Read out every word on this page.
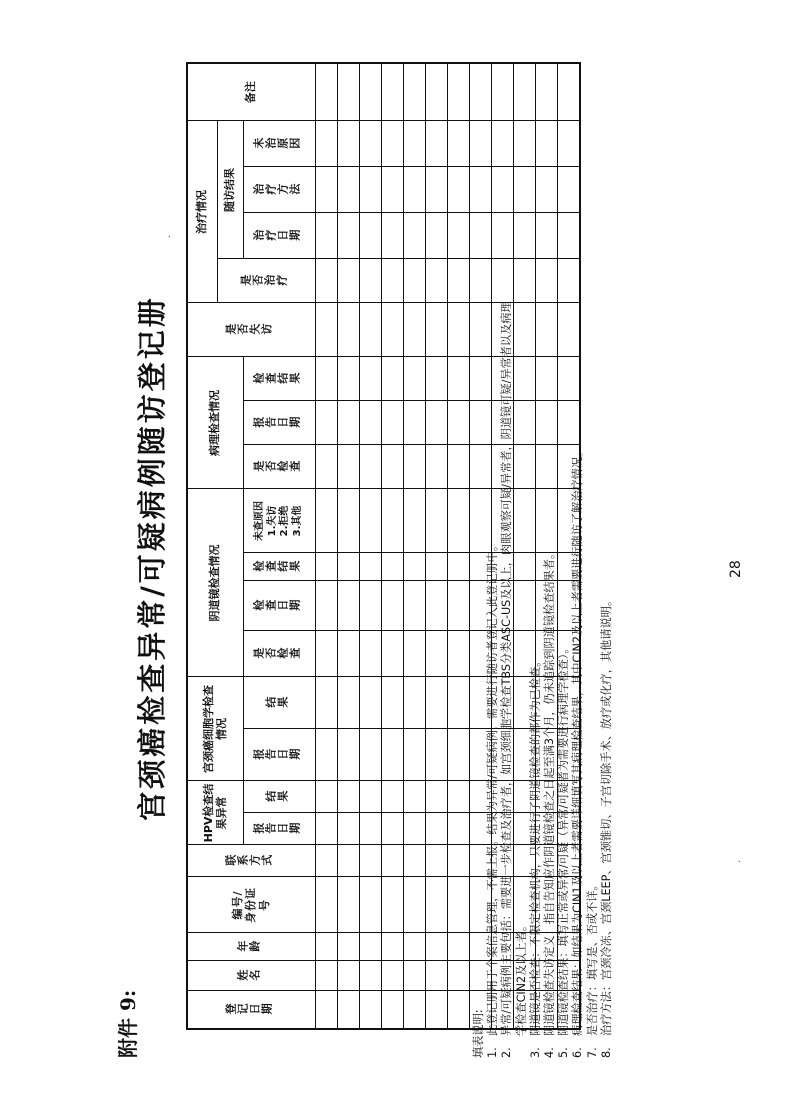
附件 9:
宫颈癌检查异常/可疑病例随访登记册
·
·
登记日期	姓名	年龄	编号/身份证号	联系方式	HPV检查结果异常		宫颈癌细胞学检查情况		阴道镜检查情况				病理检查情况			是否失访	治疗情况				备注
																	是否治疗	随访结果			
					报告日期	结果	报告日期	结果	是否检查	检查日期	检查结果	未查原因 1.失访 2.拒绝 3.其他	是否检查	报告日期	检查结果			治疗日期	治疗方法	未治原因	

填表说明: 1.
此登记册用于个案信息管理，不需上报。结果为异常/可疑病例，需要进行随访者登记入此登记册中。
2.
异常/可疑病例主要包括：需要进一步检查及治疗者，如宫颈细胞学检查TBS分类ASC-US及以上，肉眼观察可疑/异常者，阴道镜可疑/异常者以及病理 学检查CIN2及以上者。
3.
阴道镜是否检查：不限定检查机构，只要进行了阴道镜检查的都作为已检查。
4.
阴道镜检查失访定义：指自告知应作阴道镜检查之日起至满3个月，仍未追踪到阴道镜检查结果者。
5.
阴道镜检查结果：填写正常或异常/可疑（异常/可疑者为需要进行病理学检查）。
6.
病理检查结果：如结果为CIN1及以上者需要详细填写其病理检查结果，其中CIN2及以上者需要进行随访了解治疗情况。
7.
是否治疗：填写是、否或不详。
8.
治疗方法：宫颈冷冻、宫颈LEEP、宫颈锥切、子宫切除手术、放疗或化疗，其他请说明。
28
